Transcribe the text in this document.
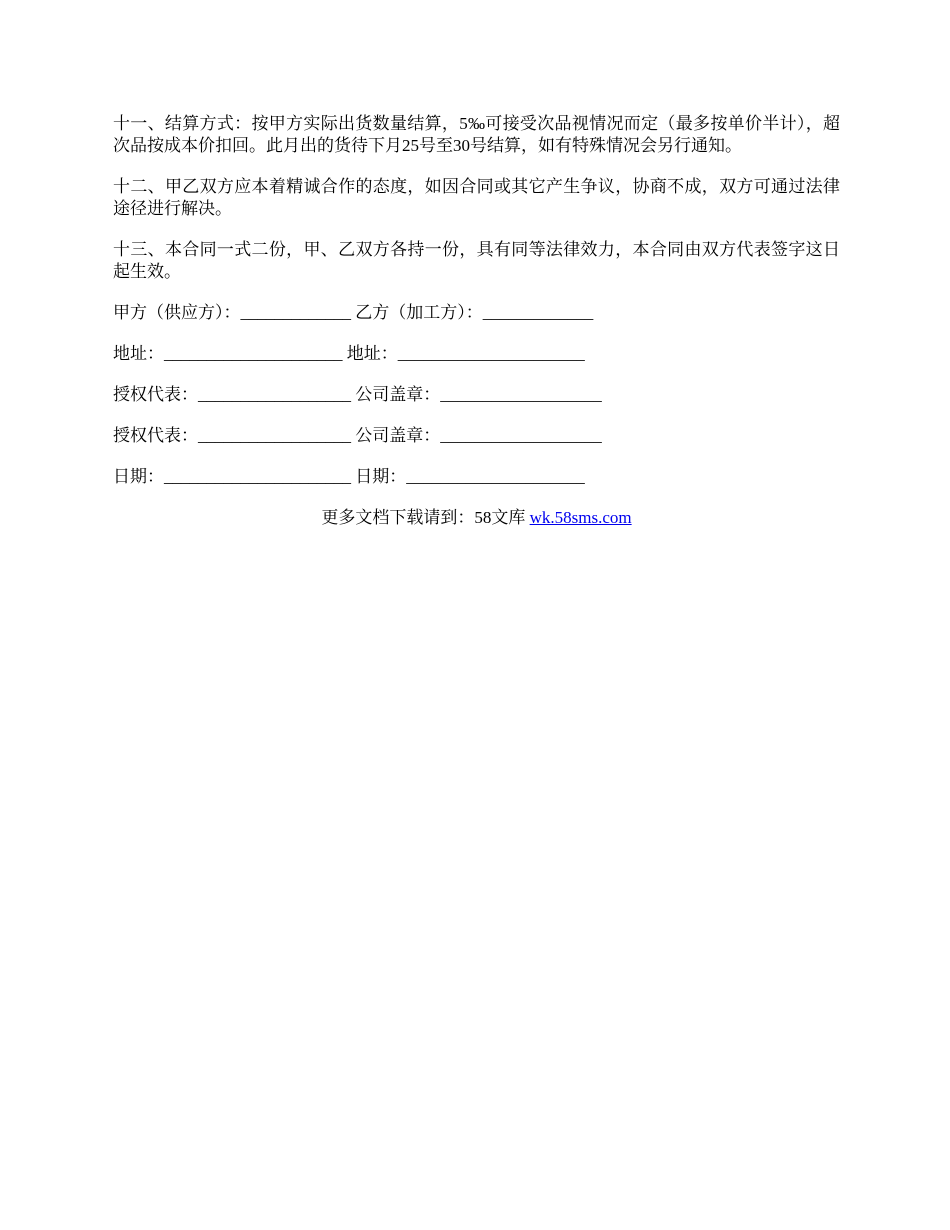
十一、结算方式：按甲方实际出货数量结算，5‰可接受次品视情况而定（最多按单价半计），超次品按成本价扣回。此月出的货待下月25号至30号结算，如有特殊情况会另行通知。

十二、甲乙双方应本着精诚合作的态度，如因合同或其它产生争议，协商不成，双方可通过法律途径进行解决。

十三、本合同一式二份，甲、乙双方各持一份，具有同等法律效力，本合同由双方代表签字这日起生效。

甲方（供应方）：_____________ 乙方（加工方）：_____________
地址：_____________________ 地址：______________________
授权代表：__________________ 公司盖章：___________________
授权代表：__________________ 公司盖章：___________________
日期：______________________ 日期：_____________________
更多文档下载请到：58文库 wk.58sms.com
